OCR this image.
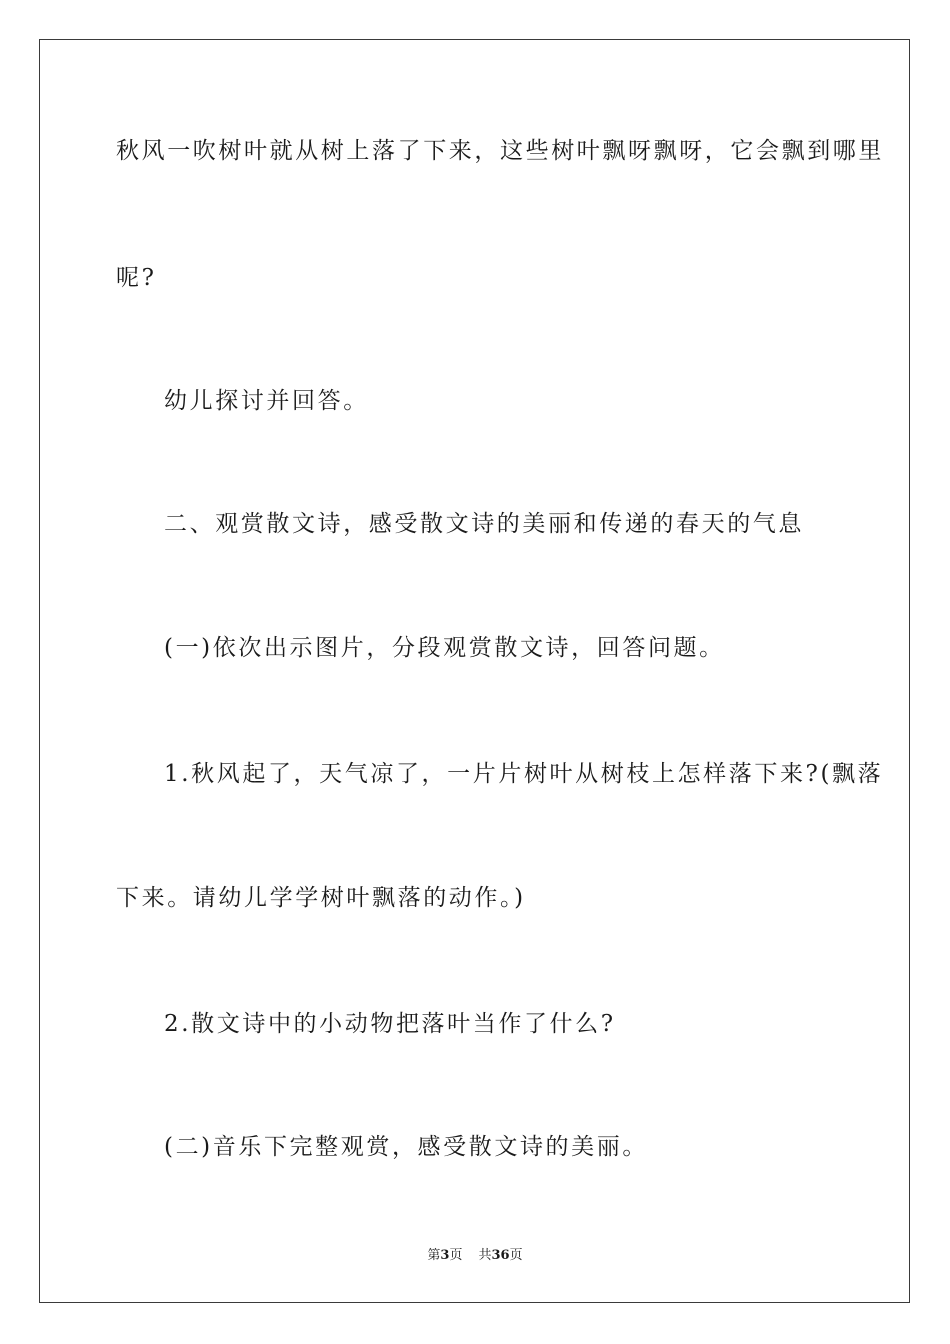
秋风一吹树叶就从树上落了下来，这些树叶飘呀飘呀，它会飘到哪里

呢?

幼儿探讨并回答。

二、观赏散文诗，感受散文诗的美丽和传递的春天的气息

(一)依次出示图片，分段观赏散文诗，回答问题。

1.秋风起了，天气凉了，一片片树叶从树枝上怎样落下来?(飘落

下来。请幼儿学学树叶飘落的动作。)

2.散文诗中的小动物把落叶当作了什么?

(二)音乐下完整观赏，感受散文诗的美丽。

第3页 共36页
